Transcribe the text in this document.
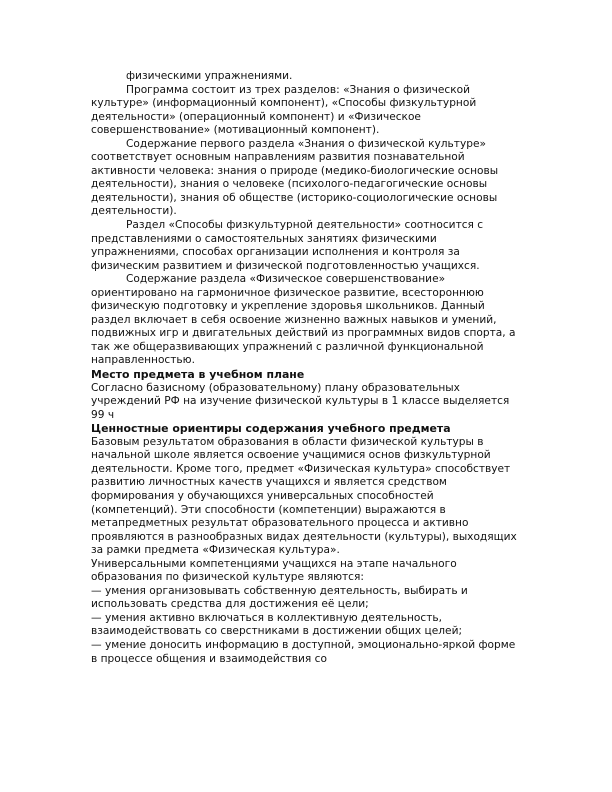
физическими упражнениями.

Программа состоит из трех разделов: «Знания о физической культуре» (информационный компонент), «Способы физкультурной деятельности» (операционный компонент) и «Физическое совершенствование» (мотивационный компонент).

Содержание первого раздела «Знания о физической культуре» соответствует основным направлениям развития познавательной активности человека: знания о природе (медико-биологические основы деятельности), знания о человеке (психолого-педагогические основы деятельности), знания об обществе (историко-социологические основы деятельности).

Раздел «Способы физкультурной деятельности» соотносится с представлениями о самостоятельных занятиях физическими упражнениями, способах организации исполнения и контроля за физическим развитием и физической подготовленностью учащихся.

Содержание раздела «Физическое совершенствование» ориентировано на гармоничное физическое развитие, всестороннюю физическую подготовку и укрепление здоровья школьников. Данный раздел включает в себя освоение жизненно важных навыков и умений, подвижных игр и двигательных действий из программных видов спорта, а так же общеразвивающих упражнений с различной функциональной направленностью.

Место предмета в учебном плане

Согласно базисному (образовательному) плану образовательных учреждений РФ на изучение физической культуры в 1 классе выделяется 99 ч

Ценностные ориентиры содержания учебного предмета

Базовым результатом образования в области физической культуры в начальной школе является освоение учащимися основ физкультурной деятельности. Кроме того, предмет «Физическая культура» способствует развитию личностных качеств учащихся и является средством формирования у обучающихся универсальных способностей (компетенций). Эти способности (компетенции) выражаются в метапредметных результат образовательного процесса и активно проявляются в разнообразных видах деятельности (культуры), выходящих за рамки предмета «Физическая культура».

Универсальными компетенциями учащихся на этапе начального образования по физической культуре являются:

— умения организовывать собственную деятельность, выбирать и использовать средства для достижения её цели;

— умения активно включаться в коллективную деятельность, взаимодействовать со сверстниками в достижении общих целей;

— умение доносить информацию в доступной, эмоционально-яркой форме в процессе общения и взаимодействия со
